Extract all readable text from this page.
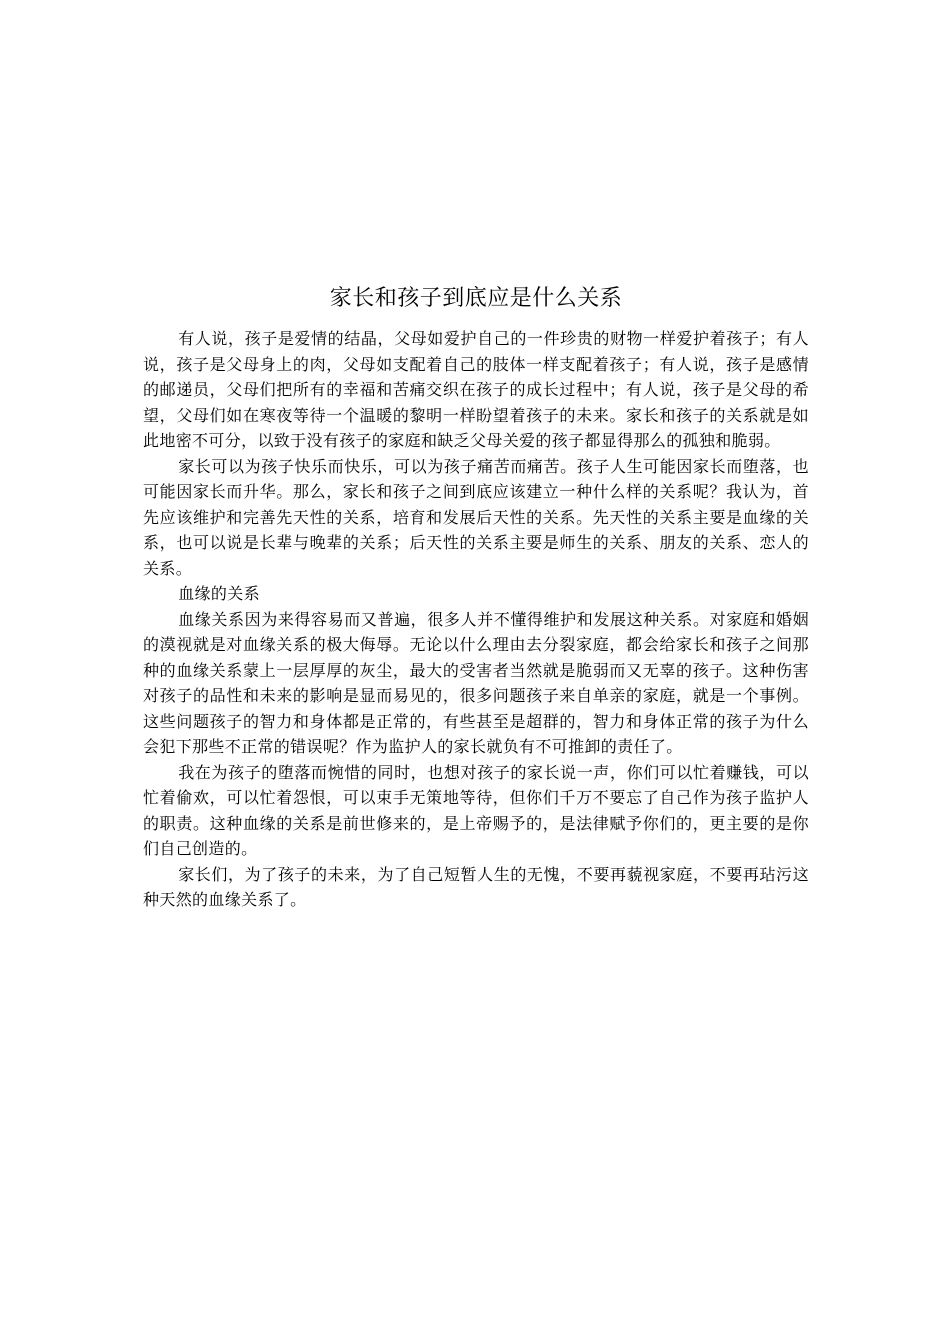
家长和孩子到底应是什么关系

有人说，孩子是爱情的结晶，父母如爱护自己的一件珍贵的财物一样爱护着孩子；有人说，孩子是父母身上的肉，父母如支配着自己的肢体一样支配着孩子；有人说，孩子是感情的邮递员，父母们把所有的幸福和苦痛交织在孩子的成长过程中；有人说，孩子是父母的希望，父母们如在寒夜等待一个温暖的黎明一样盼望着孩子的未来。家长和孩子的关系就是如此地密不可分，以致于没有孩子的家庭和缺乏父母关爱的孩子都显得那么的孤独和脆弱。

家长可以为孩子快乐而快乐，可以为孩子痛苦而痛苦。孩子人生可能因家长而堕落，也可能因家长而升华。那么，家长和孩子之间到底应该建立一种什么样的关系呢？我认为，首先应该维护和完善先天性的关系，培育和发展后天性的关系。先天性的关系主要是血缘的关系，也可以说是长辈与晚辈的关系；后天性的关系主要是师生的关系、朋友的关系、恋人的关系。

血缘的关系

血缘关系因为来得容易而又普遍，很多人并不懂得维护和发展这种关系。对家庭和婚姻的漠视就是对血缘关系的极大侮辱。无论以什么理由去分裂家庭，都会给家长和孩子之间那种的血缘关系蒙上一层厚厚的灰尘，最大的受害者当然就是脆弱而又无辜的孩子。这种伤害对孩子的品性和未来的影响是显而易见的，很多问题孩子来自单亲的家庭，就是一个事例。这些问题孩子的智力和身体都是正常的，有些甚至是超群的，智力和身体正常的孩子为什么会犯下那些不正常的错误呢？作为监护人的家长就负有不可推卸的责任了。

我在为孩子的堕落而惋惜的同时，也想对孩子的家长说一声，你们可以忙着赚钱，可以忙着偷欢，可以忙着怨恨，可以束手无策地等待，但你们千万不要忘了自己作为孩子监护人的职责。这种血缘的关系是前世修来的，是上帝赐予的，是法律赋予你们的，更主要的是你们自己创造的。

家长们，为了孩子的未来，为了自己短暂人生的无愧，不要再藐视家庭，不要再玷污这种天然的血缘关系了。
